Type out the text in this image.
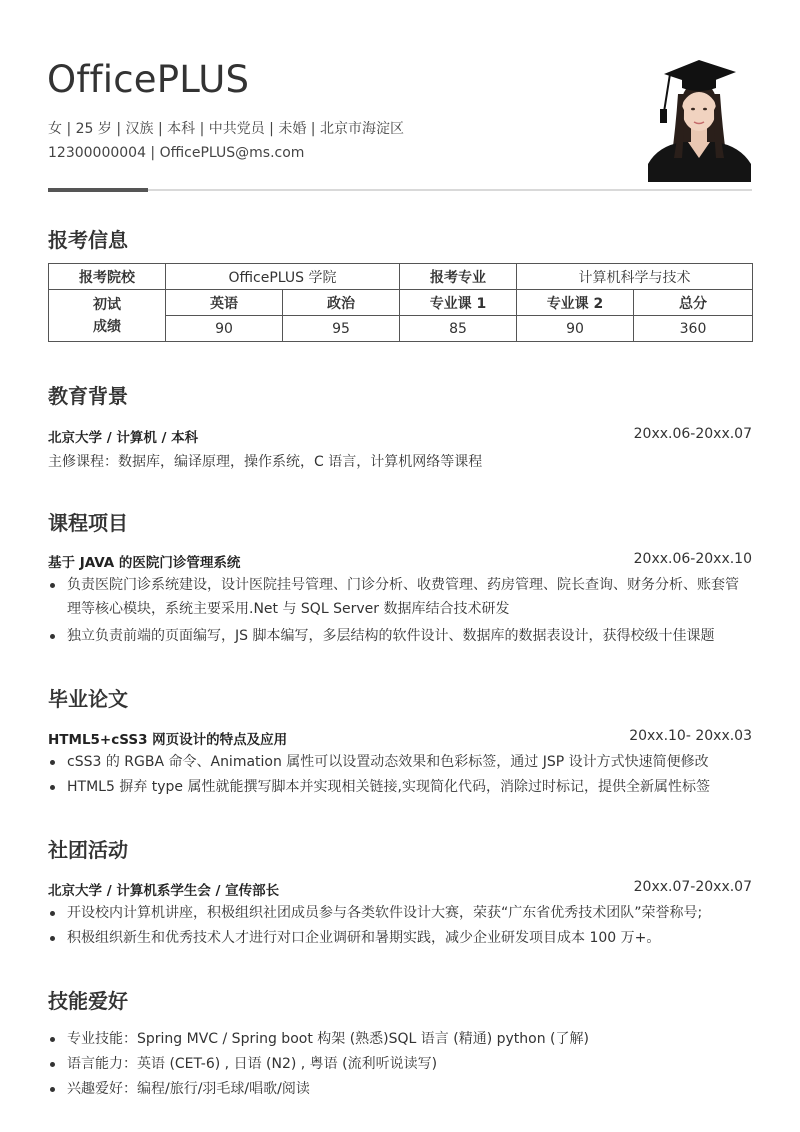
OfficePLUS
女 | 25 岁 | 汉族 | 本科 | 中共党员 | 未婚 | 北京市海淀区
12300000004 | OfficePLUS@ms.com
报考信息
报考院校	OfficePLUS 学院		报考专业	计算机科学与技术	

初试
成绩	英语	政治	专业课 1	专业课 2	总分
	90	95	85	90	360
教育背景
北京大学 / 计算机 / 本科	20xx.06-20xx.07
主修课程：数据库，编译原理，操作系统，C 语言，计算机网络等课程
课程项目
基于 JAVA 的医院门诊管理系统	20xx.06-20xx.10
负责医院门诊系统建设，设计医院挂号管理、门诊分析、收费管理、药房管理、院长查询、财务分析、账套管理等核心模块，系统主要采用.Net 与 SQL Server 数据库结合技术研发
独立负责前端的页面编写，JS 脚本编写，多层结构的软件设计、数据库的数据表设计，获得校级十佳课题
毕业论文
HTML5+cSS3 网页设计的特点及应用	20xx.10- 20xx.03
cSS3 的 RGBA 命令、Animation 属性可以设置动态效果和色彩标签，通过 JSP 设计方式快速简便修改
HTML5 摒弃 type 属性就能撰写脚本并实现相关链接,实现简化代码，消除过时标记，提供全新属性标签
社团活动
北京大学 / 计算机系学生会 / 宣传部长	20xx.07-20xx.07
开设校内计算机讲座，积极组织社团成员参与各类软件设计大赛，荣获“广东省优秀技术团队”荣誉称号;
积极组织新生和优秀技术人才进行对口企业调研和暑期实践，减少企业研发项目成本 100 万+。
技能爱好
专业技能：Spring MVC / Spring boot 构架 (熟悉)SQL 语言 (精通) python (了解)
语言能力：英语 (CET-6) , 日语 (N2) , 粤语 (流利听说读写)
兴趣爱好：编程/旅行/羽毛球/唱歌/阅读
